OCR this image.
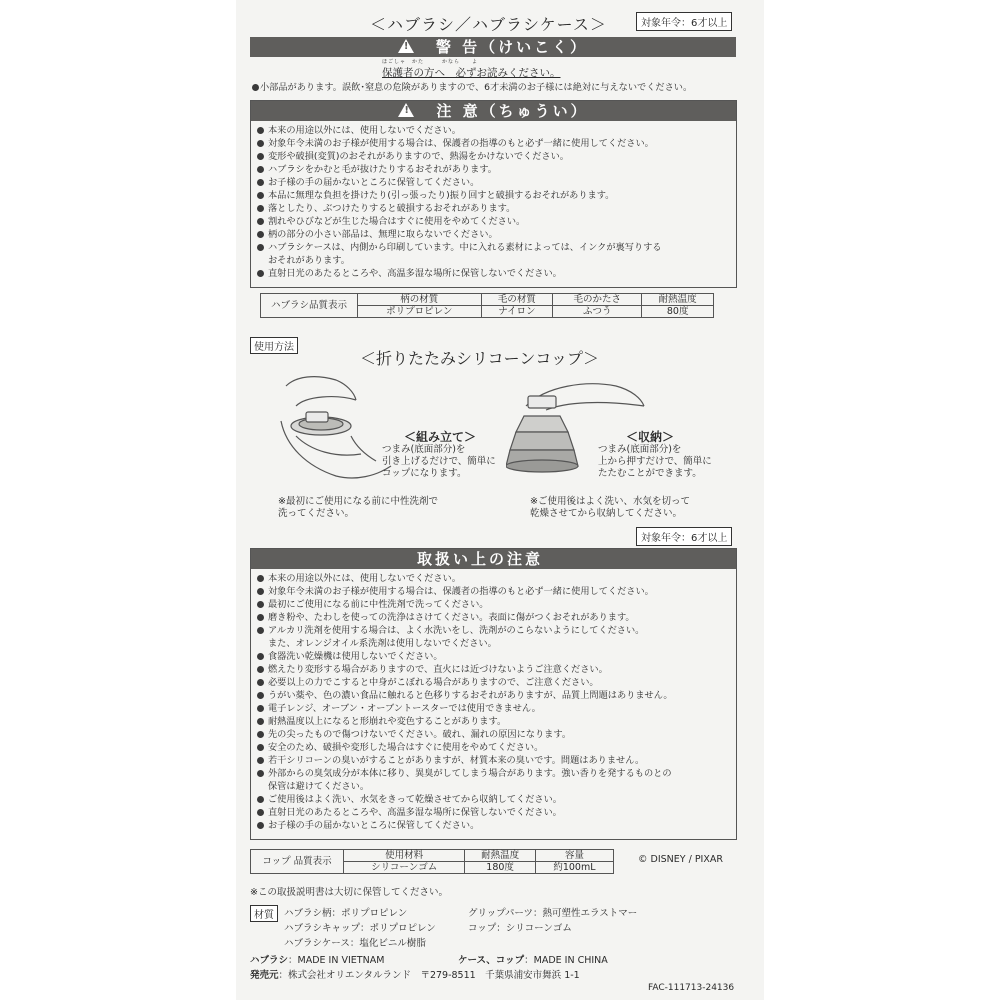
＜ハブラシ／ハブラシケース＞	対象年令：6才以上
!警 告（けいこく）
ほごしゃ　かた　　　かなら　　よ
保護者の方へ　必ずお読みください。
小部品があります。誤飲･窒息の危険がありますので、6才未満のお子様には絶対に与えないでください。
!注 意（ちゅうい）
本来の用途以外には、使用しないでください。
対象年令未満のお子様が使用する場合は、保護者の指導のもと必ず一緒に使用してください。
変形や破損(変質)のおそれがありますので、熱湯をかけないでください。
ハブラシをかむと毛が抜けたりするおそれがあります。
お子様の手の届かないところに保管してください。
本品に無理な負担を掛けたり(引っ張ったり)振り回すと破損するおそれがあります。
落としたり、ぶつけたりすると破損するおそれがあります。
割れやひびなどが生じた場合はすぐに使用をやめてください。
柄の部分の小さい部品は、無理に取らないでください。
ハブラシケースは、内側から印刷しています。中に入れる素材によっては、インクが裏写りする
おそれがあります。
直射日光のあたるところや、高温多湿な場所に保管しないでください。
ハブラシ品質表示	柄の材質	毛の材質	毛のかたさ	耐熱温度
	ポリプロピレン	ナイロン	ふつう	80度
使用方法
＜折りたたみシリコーンコップ＞
＜組み立て＞
つまみ(底面部分)を
引き上げるだけで、簡単に
コップになります。
＜収納＞
つまみ(底面部分)を
上から押すだけで、簡単に
たたむことができます。
※最初にご使用になる前に中性洗剤で
洗ってください。
※ご使用後はよく洗い、水気を切って
乾燥させてから収納してください。
対象年令：6才以上
取扱い上の注意
本来の用途以外には、使用しないでください。
対象年令未満のお子様が使用する場合は、保護者の指導のもと必ず一緒に使用してください。
最初にご使用になる前に中性洗剤で洗ってください。
磨き粉や、たわしを使っての洗浄はさけてください。表面に傷がつくおそれがあります。
アルカリ洗剤を使用する場合は、よく水洗いをし、洗剤がのこらないようにしてください。
また、オレンジオイル系洗剤は使用しないでください。
食器洗い乾燥機は使用しないでください。
燃えたり変形する場合がありますので、直火には近づけないようご注意ください。
必要以上の力でこすると中身がこぼれる場合がありますので、ご注意ください。
うがい薬や、色の濃い食品に触れると色移りするおそれがありますが、品質上問題はありません。
電子レンジ、オーブン・オーブントースターでは使用できません。
耐熱温度以上になると形崩れや変色することがあります。
先の尖ったもので傷つけないでください。破れ、漏れの原因になります。
安全のため、破損や変形した場合はすぐに使用をやめてください。
若干シリコーンの臭いがすることがありますが、材質本来の臭いです。問題はありません。
外部からの臭気成分が本体に移り、異臭がしてしまう場合があります。強い香りを発するものとの
保管は避けてください。
ご使用後はよく洗い、水気をきって乾燥させてから収納してください。
直射日光のあたるところや、高温多湿な場所に保管しないでください。
お子様の手の届かないところに保管してください。
コップ 品質表示	使用材料	耐熱温度	容量
	シリコーンゴム	180度	約100mL
© DISNEY / PIXAR
※この取扱説明書は大切に保管してください。
材質	ハブラシ柄：ポリプロピレン
ハブラシキャップ：ポリプロピレン
ハブラシケース：塩化ビニル樹脂
グリップパーツ：熱可塑性エラストマー
コップ：シリコーンゴム
ハブラシ：MADE IN VIETNAM	ケース、コップ：MADE IN CHINA
発売元：株式会社オリエンタルランド　〒279-8511　千葉県浦安市舞浜 1-1
FAC-111713-24136
